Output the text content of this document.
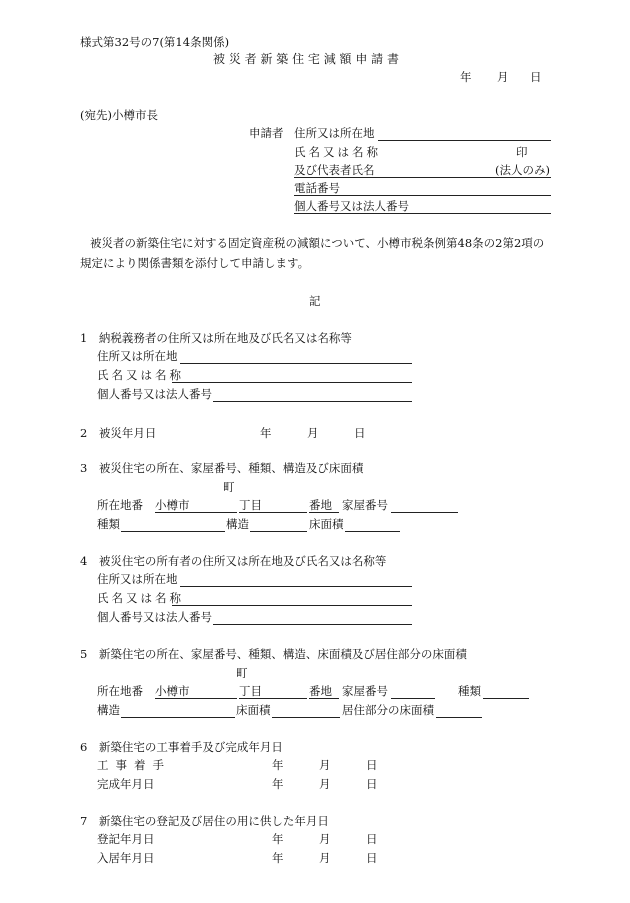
様式第32号の7(第14条関係)
被 災 者 新 築 住 宅 減 額 申 請 書
年 月 日
(宛先)小樽市長
申請者 住所又は所在地
氏名又は名称	印
及び代表者氏名	(法人のみ)
電話番号
個人番号又は法人番号
被災者の新築住宅に対する固定資産税の減額について、小樽市税条例第48条の2第2項の
規定により関係書類を添付して申請します。
記
1　納税義務者の住所又は所在地及び氏名又は名称等
住所又は所在地
氏名又は名称
個人番号又は法人番号
2　被災年月日	年	月	日
3　被災住宅の所在、家屋番号、種類、構造及び床面積
町
所在地番 小樽市	丁目	番地 家屋番号
種類	構造	床面積
4　被災住宅の所有者の住所又は所在地及び氏名又は名称等
住所又は所在地
氏名又は名称
個人番号又は法人番号
5　新築住宅の所在、家屋番号、種類、構造、床面積及び居住部分の床面積
町
所在地番 小樽市	丁目	番地 家屋番号	種類
構造	床面積	居住部分の床面積
6　新築住宅の工事着手及び完成年月日
工事着手	年	月	日
完成年月日	年	月	日
7　新築住宅の登記及び居住の用に供した年月日
登記年月日	年	月	日
入居年月日	年	月	日
